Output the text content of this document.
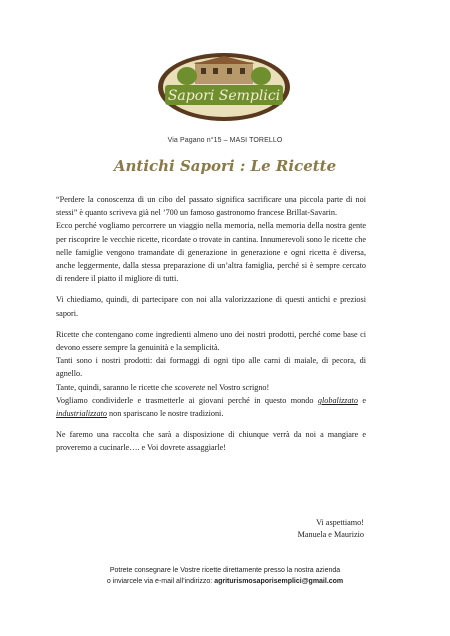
Sapori Semplici
AGRITURISMO
Via Pagano n°15 – MASI TORELLO
Antichi Sapori : Le Ricette

“Perdere la conoscenza di un cibo del passato significa sacrificare una piccola parte di noi stessi” è quanto scriveva già nel ’700 un famoso gastronomo francese Brillat-Savarin.

Ecco perché vogliamo percorrere un viaggio nella memoria, nella memoria della nostra gente per riscoprire le vecchie ricette, ricordate o trovate in cantina. Innumerevoli sono le ricette che nelle famiglie vengono tramandate di generazione in generazione e ogni ricetta è diversa, anche leggermente, dalla stessa preparazione di un’altra famiglia, perché si è sempre cercato di rendere il piatto il migliore di tutti.

Vi chiediamo, quindi, di partecipare con noi alla valorizzazione di questi antichi e preziosi sapori.

Ricette che contengano come ingredienti almeno uno dei nostri prodotti, perché come base ci devono essere sempre la genuinità e la semplicità.

Tanti sono i nostri prodotti: dai formaggi di ogni tipo alle carni di maiale, di pecora, di agnello.

Tante, quindi, saranno le ricette che scoverete nel Vostro scrigno!

Vogliamo condividerle e trasmetterle ai giovani perché in questo mondo globalizzato e industrializzato non spariscano le nostre tradizioni.

Ne faremo una raccolta che sarà a disposizione di chiunque verrà da noi a mangiare e proveremo a cucinarle…. e Voi dovrete assaggiarle!

Vi aspettiamo!
Manuela e Maurizio
Potrete consegnare le Vostre ricette direttamente presso la nostra azienda
o inviarcele via e-mail all’indirizzo: agriturismosaporisemplici@gmail.com
